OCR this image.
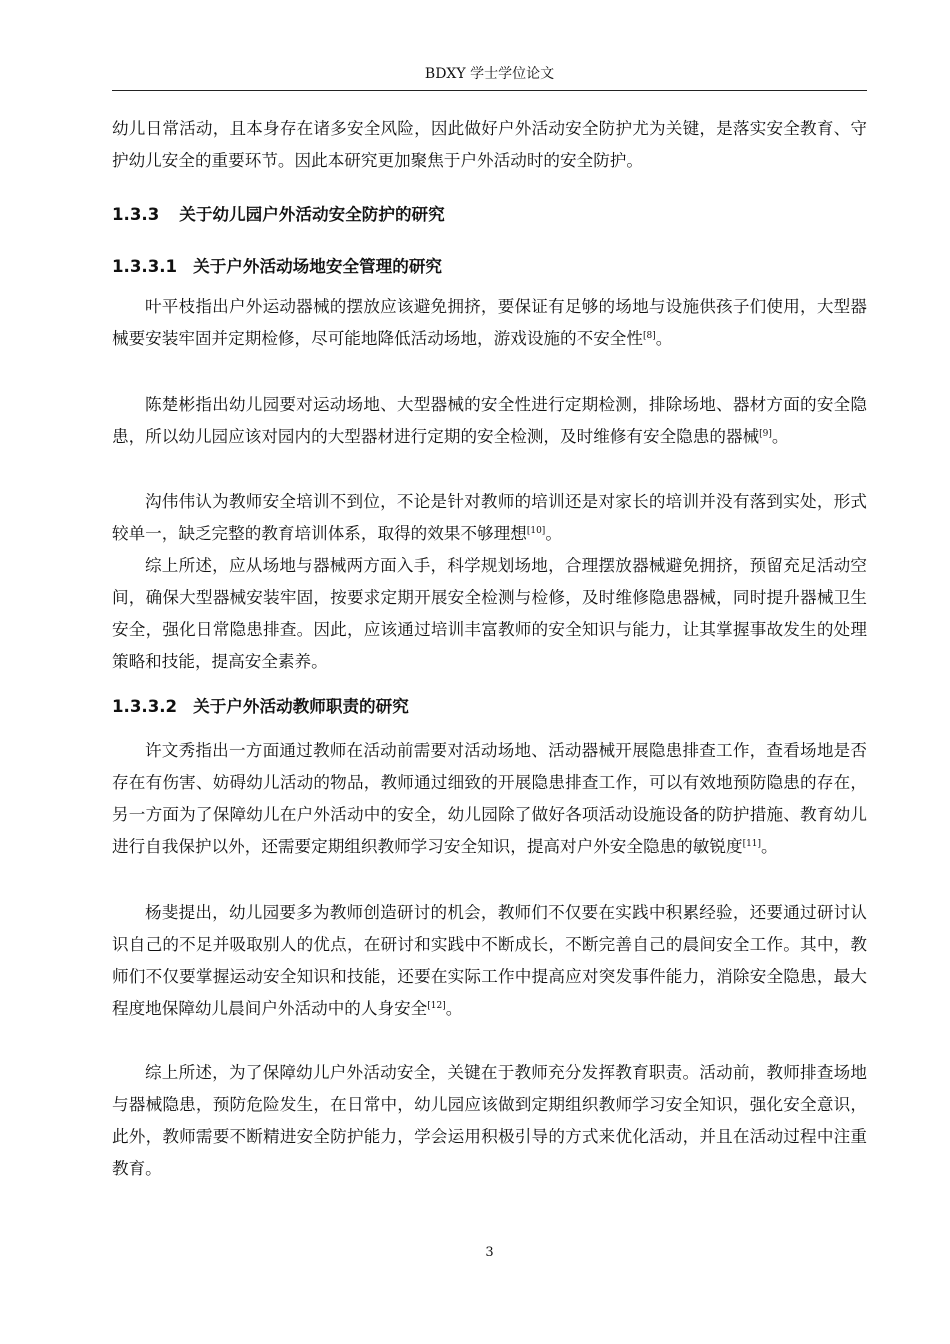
BDXY 学士学位论文

幼儿日常活动，且本身存在诸多安全风险，因此做好户外活动安全防护尤为关键，是落实安全教育、守护幼儿安全的重要环节。因此本研究更加聚焦于户外活动时的安全防护。

1.3.3 关于幼儿园户外活动安全防护的研究
1.3.3.1 关于户外活动场地安全管理的研究

叶平枝指出户外运动器械的摆放应该避免拥挤，要保证有足够的场地与设施供孩子们使用，大型器械要安装牢固并定期检修，尽可能地降低活动场地，游戏设施的不安全性[8]。

陈楚彬指出幼儿园要对运动场地、大型器械的安全性进行定期检测，排除场地、器材方面的安全隐患，所以幼儿园应该对园内的大型器材进行定期的安全检测，及时维修有安全隐患的器械[9]。

沟伟伟认为教师安全培训不到位，不论是针对教师的培训还是对家长的培训并没有落到实处，形式较单一，缺乏完整的教育培训体系，取得的效果不够理想[10]。

综上所述，应从场地与器械两方面入手，科学规划场地，合理摆放器械避免拥挤，预留充足活动空间，确保大型器械安装牢固，按要求定期开展安全检测与检修，及时维修隐患器械，同时提升器械卫生安全，强化日常隐患排查。因此，应该通过培训丰富教师的安全知识与能力，让其掌握事故发生的处理策略和技能，提高安全素养。

1.3.3.2 关于户外活动教师职责的研究

许文秀指出一方面通过教师在活动前需要对活动场地、活动器械开展隐患排查工作，查看场地是否存在有伤害、妨碍幼儿活动的物品，教师通过细致的开展隐患排查工作，可以有效地预防隐患的存在，另一方面为了保障幼儿在户外活动中的安全，幼儿园除了做好各项活动设施设备的防护措施、教育幼儿进行自我保护以外，还需要定期组织教师学习安全知识，提高对户外安全隐患的敏锐度[11]。

杨斐提出，幼儿园要多为教师创造研讨的机会，教师们不仅要在实践中积累经验，还要通过研讨认识自己的不足并吸取别人的优点，在研讨和实践中不断成长，不断完善自己的晨间安全工作。其中，教师们不仅要掌握运动安全知识和技能，还要在实际工作中提高应对突发事件能力，消除安全隐患，最大程度地保障幼儿晨间户外活动中的人身安全[12]。

综上所述，为了保障幼儿户外活动安全，关键在于教师充分发挥教育职责。活动前，教师排查场地与器械隐患，预防危险发生，在日常中，幼儿园应该做到定期组织教师学习安全知识，强化安全意识，此外，教师需要不断精进安全防护能力，学会运用积极引导的方式来优化活动，并且在活动过程中注重教育。

3
